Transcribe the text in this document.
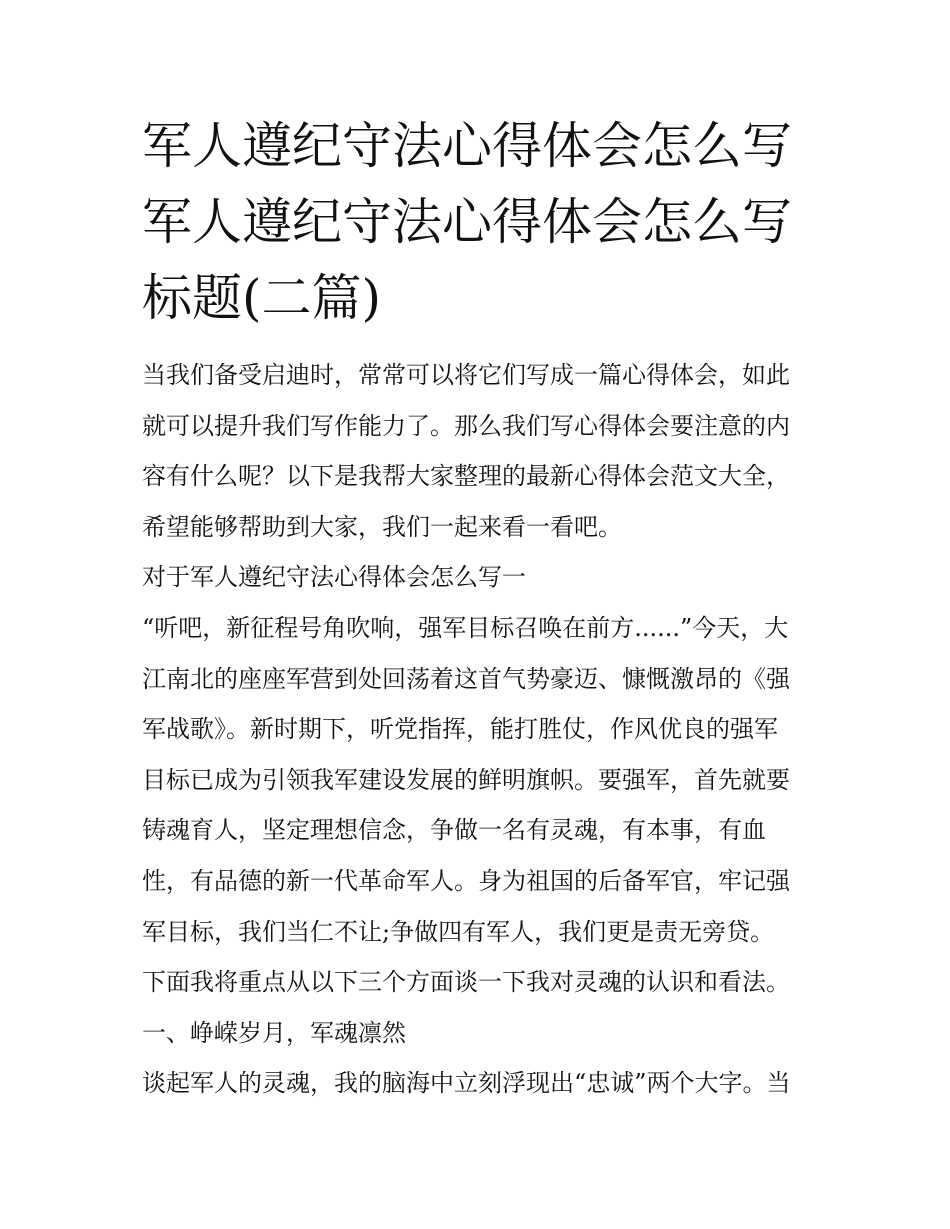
军人遵纪守法心得体会怎么写
军人遵纪守法心得体会怎么写
标题(二篇)
当我们备受启迪时，常常可以将它们写成一篇心得体会，如此
就可以提升我们写作能力了。那么我们写心得体会要注意的内
容有什么呢？以下是我帮大家整理的最新心得体会范文大全，
希望能够帮助到大家，我们一起来看一看吧。
对于军人遵纪守法心得体会怎么写一
“听吧，新征程号角吹响，强军目标召唤在前方......”今天，大
江南北的座座军营到处回荡着这首气势豪迈、慷慨激昂的《强
军战歌》。新时期下，听党指挥，能打胜仗，作风优良的强军
目标已成为引领我军建设发展的鲜明旗帜。要强军，首先就要
铸魂育人，坚定理想信念，争做一名有灵魂，有本事，有血
性，有品德的新一代革命军人。身为祖国的后备军官，牢记强
军目标，我们当仁不让;争做四有军人，我们更是责无旁贷。
下面我将重点从以下三个方面谈一下我对灵魂的认识和看法。
一、峥嵘岁月，军魂凛然
谈起军人的灵魂，我的脑海中立刻浮现出“忠诚”两个大字。当
